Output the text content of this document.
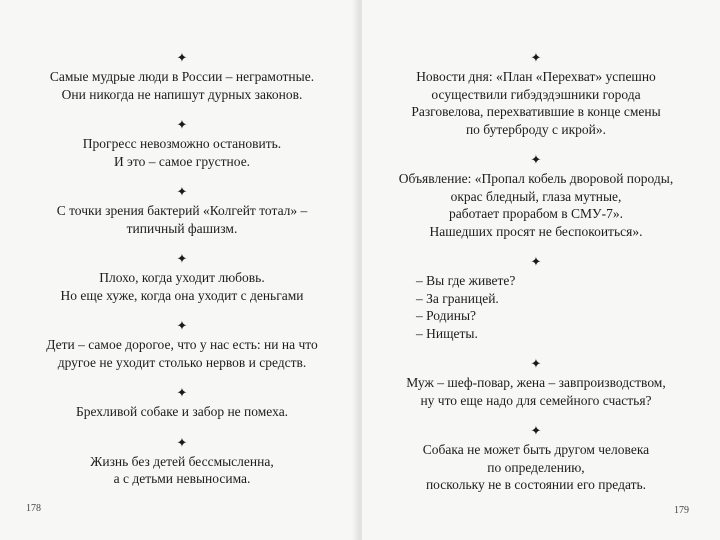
✦
Самые мудрые люди в России – неграмотные.
Они никогда не напишут дурных законов.
✦
Прогресс невозможно остановить.
И это – самое грустное.
✦
С точки зрения бактерий «Колгейт тотал» –
типичный фашизм.
✦
Плохо, когда уходит любовь.
Но еще хуже, когда она уходит с деньгами
✦
Дети – самое дорогое, что у нас есть: ни на что
другое не уходит столько нервов и средств.
✦
Брехливой собаке и забор не помеха.
✦
Жизнь без детей бессмысленна,
а с детьми невыносима.
178
✦
Новости дня: «План «Перехват» успешно
осуществили гибэдэдэшники города
Разговелова, перехватившие в конце смены
по бутерброду с икрой».
✦
Объявление: «Пропал кобель дворовой породы,
окрас бледный, глаза мутные,
работает прорабом в СМУ-7».
Нашедших просят не беспокоиться».
✦
– Вы где живете?
– За границей.
– Родины?
– Нищеты.
✦
Муж – шеф-повар, жена – завпроизводством,
ну что еще надо для семейного счастья?
✦
Собака не может быть другом человека
по определению,
поскольку не в состоянии его предать.
179
